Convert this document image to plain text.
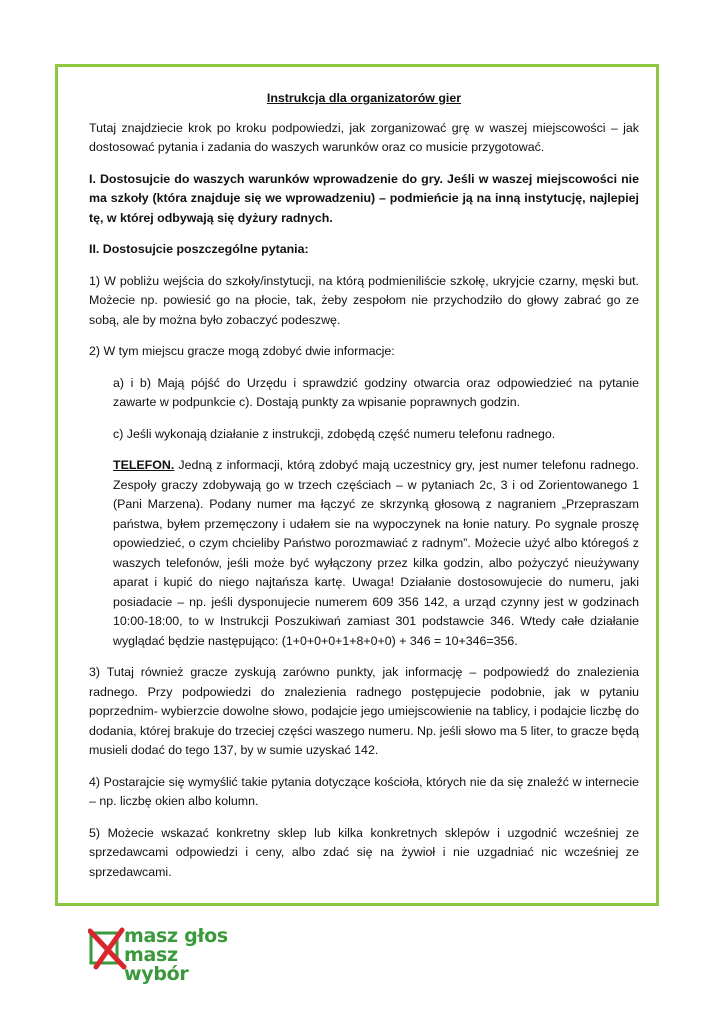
Instrukcja dla organizatorów gier

Tutaj znajdziecie krok po kroku podpowiedzi, jak zorganizować grę w waszej miejscowości – jak dostosować pytania i zadania do waszych warunków oraz co musicie przygotować.

I. Dostosujcie do waszych warunków wprowadzenie do gry. Jeśli w waszej miejscowości nie ma szkoły (która znajduje się we wprowadzeniu) – podmieńcie ją na inną instytucję, najlepiej tę, w której odbywają się dyżury radnych.

II. Dostosujcie poszczególne pytania:

1) W pobliżu wejścia do szkoły/instytucji, na którą podmieniliście szkołę, ukryjcie czarny, męski but. Możecie np. powiesić go na płocie, tak, żeby zespołom nie przychodziło do głowy zabrać go ze sobą, ale by można było zobaczyć podeszwę.

2) W tym miejscu gracze mogą zdobyć dwie informacje:

a) i b) Mają pójść do Urzędu i sprawdzić godziny otwarcia oraz odpowiedzieć na pytanie zawarte w podpunkcie c). Dostają punkty za wpisanie poprawnych godzin.

c) Jeśli wykonają działanie z instrukcji, zdobędą część numeru telefonu radnego.

TELEFON. Jedną z informacji, którą zdobyć mają uczestnicy gry, jest numer telefonu radnego. Zespoły graczy zdobywają go w trzech częściach – w pytaniach 2c, 3 i od Zorientowanego 1 (Pani Marzena). Podany numer ma łączyć ze skrzynką głosową z nagraniem „Przepraszam państwa, byłem przemęczony i udałem sie na wypoczynek na łonie natury. Po sygnale proszę opowiedzieć, o czym chcieliby Państwo porozmawiać z radnym”. Możecie użyć albo któregoś z waszych telefonów, jeśli może być wyłączony przez kilka godzin, albo pożyczyć nieużywany aparat i kupić do niego najtańsza kartę. Uwaga! Działanie dostosowujecie do numeru, jaki posiadacie – np. jeśli dysponujecie numerem 609 356 142, a urząd czynny jest w godzinach 10:00-18:00, to w Instrukcji Poszukiwań zamiast 301 podstawcie 346. Wtedy całe działanie wyglądać będzie następująco: (1+0+0+0+1+8+0+0) + 346 = 10+346=356.

3) Tutaj również gracze zyskują zarówno punkty, jak informację – podpowiedź do znalezienia radnego. Przy podpowiedzi do znalezienia radnego postępujecie podobnie, jak w pytaniu poprzednim- wybierzcie dowolne słowo, podajcie jego umiejscowienie na tablicy, i podajcie liczbę do dodania, której brakuje do trzeciej części waszego numeru. Np. jeśli słowo ma 5 liter, to gracze będą musieli dodać do tego 137, by w sumie uzyskać 142.

4) Postarajcie się wymyślić takie pytania dotyczące kościoła, których nie da się znaleźć w internecie – np. liczbę okien albo kolumn.

5) Możecie wskazać konkretny sklep lub kilka konkretnych sklepów i uzgodnić wcześniej ze sprzedawcami odpowiedzi i ceny, albo zdać się na żywioł i nie uzgadniać nic wcześniej ze sprzedawcami.

masz głos
masz wybór
